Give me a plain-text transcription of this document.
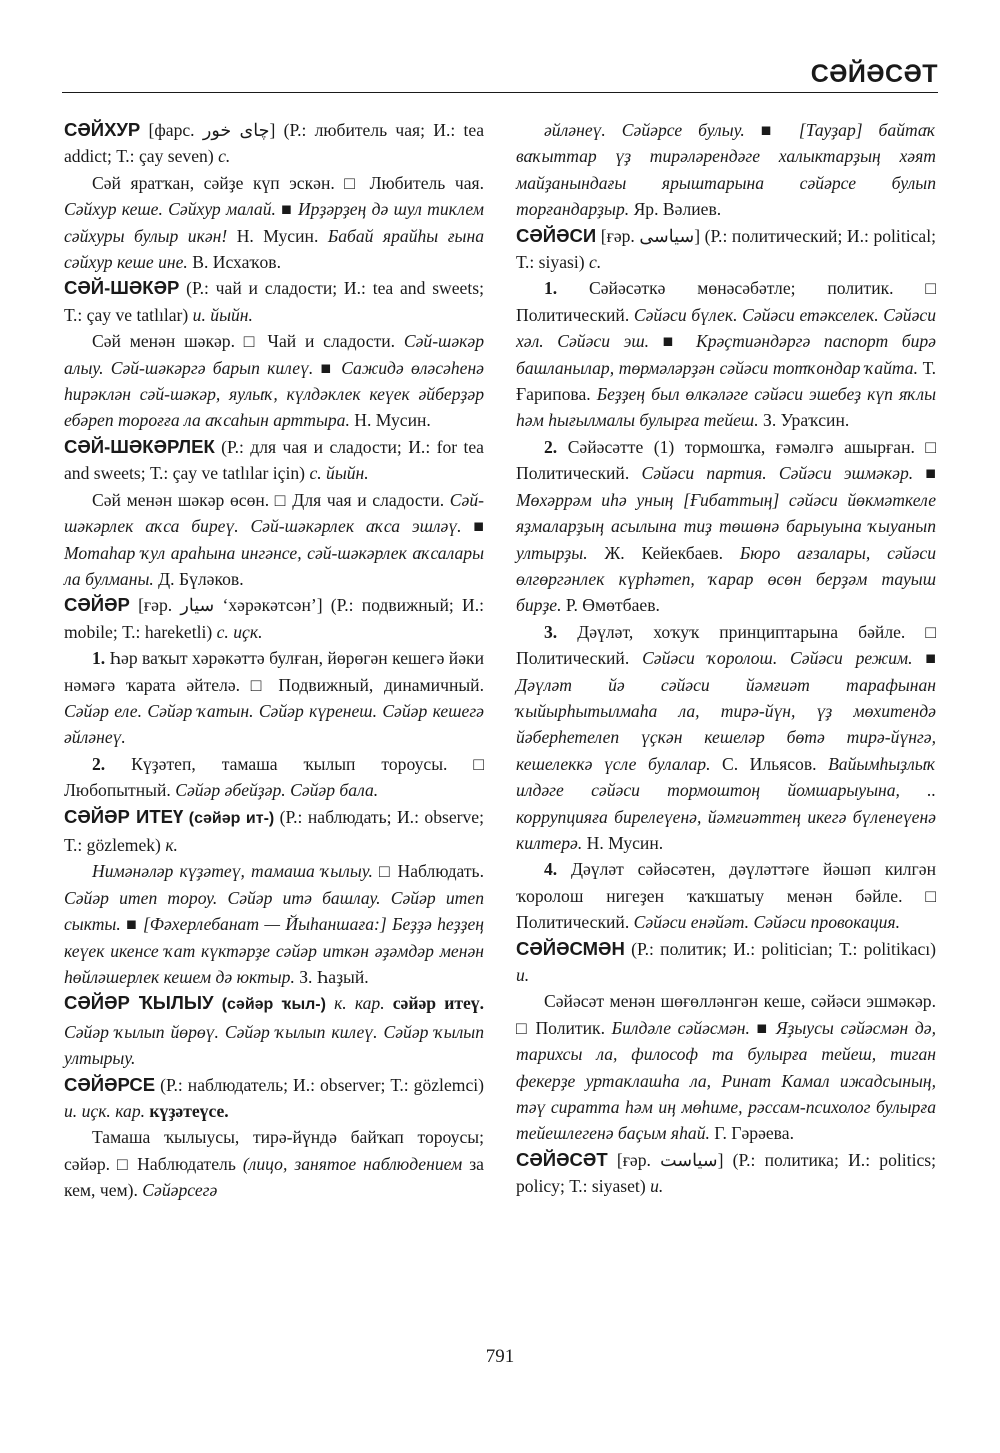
СӘЙӘСӘТ

СӘЙХУР [фарс. چای خور] (Р.: любитель чая; И.: tea addict; Т.: çay seven) с.

Сәй яратҡан, сәйҙе күп эскән. □ Любитель чая. Сәйхур кеше. Сәйхур малай. ■ Ирҙәрҙең дә шул тиклем сәйхуры булыр икән! Н. Мусин. Бабай ярайһы ғына сәйхур кеше ине. В. Исхаҡов.

СӘЙ-ШӘКӘР (Р.: чай и сладости; И.: tea and sweets; Т.: çay ve tatlılar) и. йыйн.

Сәй менән шәкәр. □ Чай и сладости. Сәй-шәкәр алыу. Сәй-шәкәргә барып килеү. ■ Сажидә өләсәһенә һирәклән сәй-шәкәр, яулыҡ, күлдәклек кеүек әйберҙәр ебәреп тороғға ла аҡсаһын арттыра. Н. Мусин.

СӘЙ-ШӘКӘРЛЕК (Р.: для чая и сладости; И.: for tea and sweets; Т.: çay ve tatlılar için) с. йыйн.

Сәй менән шәкәр өсөн. □ Для чая и сладости. Сәй-шәкәрлек аҡса биреү. Сәй-шәкәрлек аҡса эшләү. ■ Мотаһар ҡул араһына ингәнсе, сәй-шәкәрлек аҡсалары ла булманы. Д. Бүләков.

СӘЙӘР [ғәр. سیار ‘хәрәкәтсән’] (Р.: подвижный; И.: mobile; Т.: hareketli) с. иҫк.

1. Һәр ваҡыт хәрәкәттә булған, йөрөгән кешегә йәки нәмәгә ҡарата әйтелә. □ Подвижный, динамичный. Сәйәр еле. Сәйәр ҡатын. Сәйәр күренеш. Сәйәр кешегә әйләнеү.

2. Күҙәтеп, тамаша ҡылып тороусы. □ Любопытный. Сәйәр әбейҙәр. Сәйәр бала.

СӘЙӘР ИТЕҮ (сәйәр ит-) (Р.: наблюдать; И.: observe; Т.: gözlemek) к.

Нимәнәләр күҙәтеү, тамаша ҡылыу. □ Наблюдать. Сәйәр итеп тороу. Сәйәр итә башлау. Сәйәр итеп сыкты. ■ [Фәхерлебанат — Йыһаншаға:] Беҙҙә һеҙҙең кеүек икенсе ҡат күктәрҙе сәйәр иткән әҙәмдәр менән һөйләшерлек кешем дә юктыр. З. Һаҙый.

СӘЙӘР ҠЫЛЫУ (сәйәр ҡыл-) к. кар. сәйәр итеү. Сәйәр ҡылып йөрөү. Сәйәр ҡылып килеү. Сәйәр ҡылып ултырыу.

СӘЙӘРСЕ (Р.: наблюдатель; И.: observer; Т.: gözlemci) и. иҫк. кар. күҙәтеүсе.

Тамаша ҡылыусы, тирә-йүндә байҡап тороусы; сәйәр. □ Наблюдатель (лицо, занятое наблюдением за кем, чем). Сәйәрсегә

әйләнеү. Сәйәрсе булыу. ■ [Тауҙар] байтаҡ ваҡыттар үҙ тирәләрендәге халыктарҙың хәят майҙанындағы ярыштарына сәйәрсе булып торғандарҙыр. Яр. Вәлиев.

СӘЙӘСИ [ғәр. سیاسی] (Р.: политический; И.: political; Т.: siyasi) с.

1. Сәйәсәткә мөнәсәбәтле; политик. □ Политический. Сәйәси бүлек. Сәйәси етәкселек. Сәйәси хәл. Сәйәси эш. ■ Крәҫтиәндәргә паспорт бирә башланылар, төрмәләрҙән сәйәси тотҡондар ҡайта. Т. Ғарипова. Беҙҙең был өлкәләге сәйәси эшебеҙ күп яҡлы һәм һығылмалы булырға тейеш. З. Ураҡсин.

2. Сәйәсәтте (1) тормошҡа, ғәмәлгә ашырған. □ Политический. Сәйәси партия. Сәйәси эшмәкәр. ■ Мөхәррәм иһә уның [Ғибаттың] сәйәси йөкмәткеле яҙмаларҙың асылына тиҙ төшөнә барыуына ҡыуанып ултырҙы. Ж. Кейекбаев. Бюро ағзалары, сәйәси өлгөргәнлек күрһәтеп, ҡарар өсөн берҙәм тауыш бирҙе. Р. Өмөтбаев.

3. Дәүләт, хоҡуҡ принциптарына бәйле. □ Политический. Сәйәси ҡоролош. Сәйәси режим. ■ Дәүләт йә сәйәси йәмғиәт тарафынан ҡыйырһытылмаһа ла, тирә-йүн, үҙ мөхитендә йәберһетелеп үҫкән кешеләр бөтә тирә-йүнгә, кешелеккә үсле булалар. С. Ильясов. Вайымһыҙлыҡ илдәге сәйәси тормоштоң йомшарыуына, .. коррупцияға бирелеүенә, йәмғиәттең икегә бүленеүенә килтерә. Н. Мусин.

4. Дәүләт сәйәсәтен, дәүләттәге йәшәп килгән ҡоролош нигеҙен ҡаҡшатыу менән бәйле. □ Политический. Сәйәси енәйәт. Сәйәси провокация.

СӘЙӘСМӘН (Р.: политик; И.: politician; Т.: politikacı) и.

Сәйәсәт менән шөғөлләнгән кеше, сәйәси эшмәкәр. □ Политик. Билдәле сәйәсмән. ■ Яҙыусы сәйәсмән дә, тарихсы ла, философ та булырға тейеш, тиган фекерҙе уртаклашһа ла, Ринат Камал ижадсының, тәү сиратта һәм иң мөһиме, рәссам-психолог булырға тейешлегенә баҫым яһай. Г. Гәрәева.

СӘЙӘСӘТ [ғәр. سیاست] (Р.: политика; И.: politics; policy; Т.: siyaset) и.

791
